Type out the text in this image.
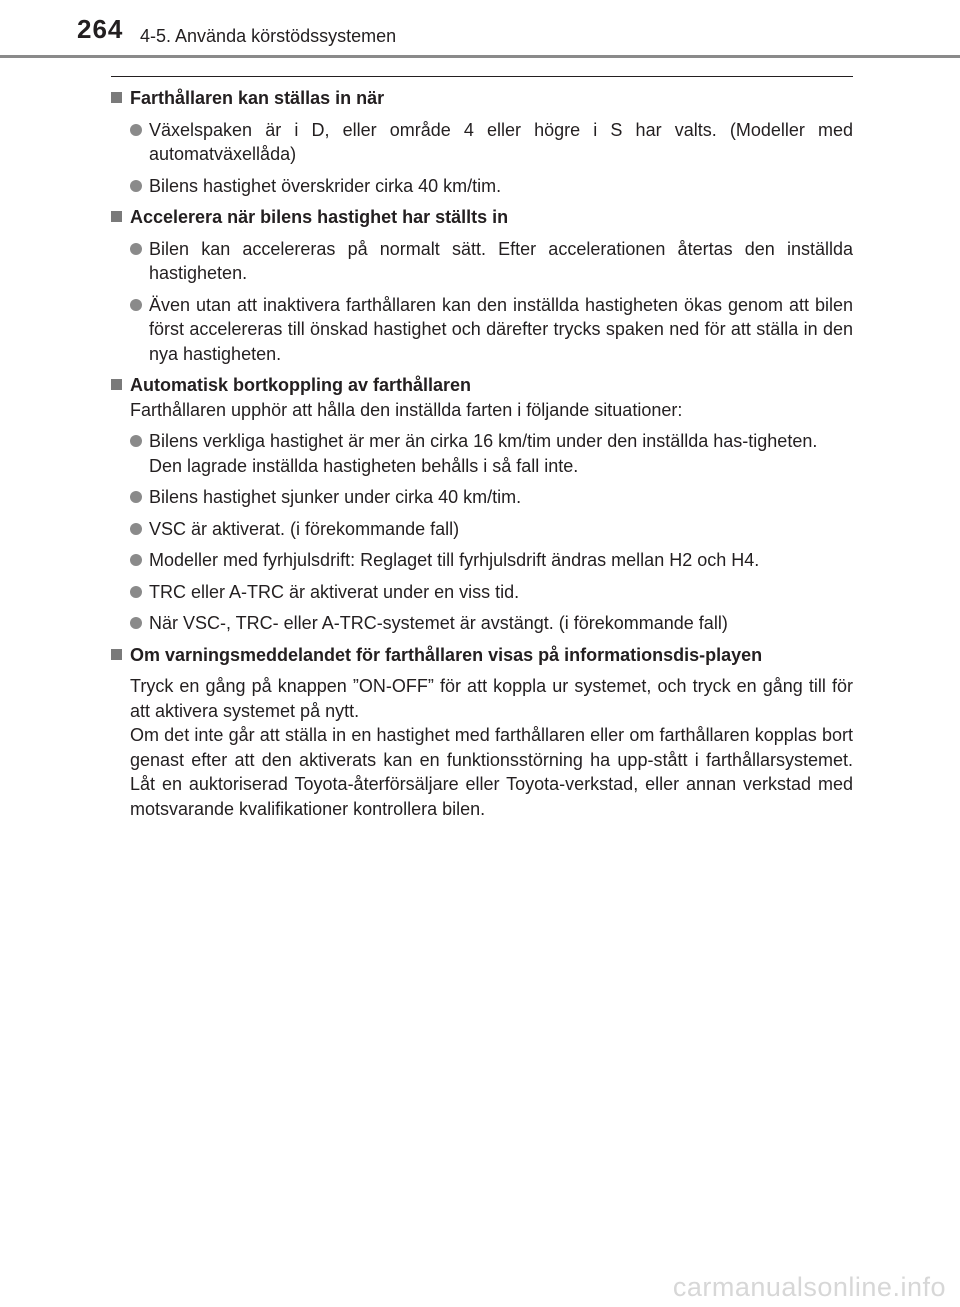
264 4-5. Använda körstödssystemen
Farthållaren kan ställas in när
Växelspaken är i D, eller område 4 eller högre i S har valts. (Modeller med automatväxellåda)
Bilens hastighet överskrider cirka 40 km/tim.
Accelerera när bilens hastighet har ställts in
Bilen kan accelereras på normalt sätt. Efter accelerationen återtas den inställda hastigheten.
Även utan att inaktivera farthållaren kan den inställda hastigheten ökas genom att bilen först accelereras till önskad hastighet och därefter trycks spaken ned för att ställa in den nya hastigheten.
Automatisk bortkoppling av farthållaren
Farthållaren upphör att hålla den inställda farten i följande situationer:
Bilens verkliga hastighet är mer än cirka 16 km/tim under den inställda has-tigheten.
Den lagrade inställda hastigheten behålls i så fall inte.
Bilens hastighet sjunker under cirka 40 km/tim.
VSC är aktiverat. (i förekommande fall)
Modeller med fyrhjulsdrift: Reglaget till fyrhjulsdrift ändras mellan H2 och H4.
TRC eller A-TRC är aktiverat under en viss tid.
När VSC-, TRC- eller A-TRC-systemet är avstängt. (i förekommande fall)
Om varningsmeddelandet för farthållaren visas på informationsdis-playen
Tryck en gång på knappen ”ON-OFF” för att koppla ur systemet, och tryck en gång till för att aktivera systemet på nytt.
Om det inte går att ställa in en hastighet med farthållaren eller om farthållaren kopplas bort genast efter att den aktiverats kan en funktionsstörning ha upp-stått i farthållarsystemet. Låt en auktoriserad Toyota-återförsäljare eller Toyota-verkstad, eller annan verkstad med motsvarande kvalifikationer kontrollera bilen.
carmanualsonline.info
